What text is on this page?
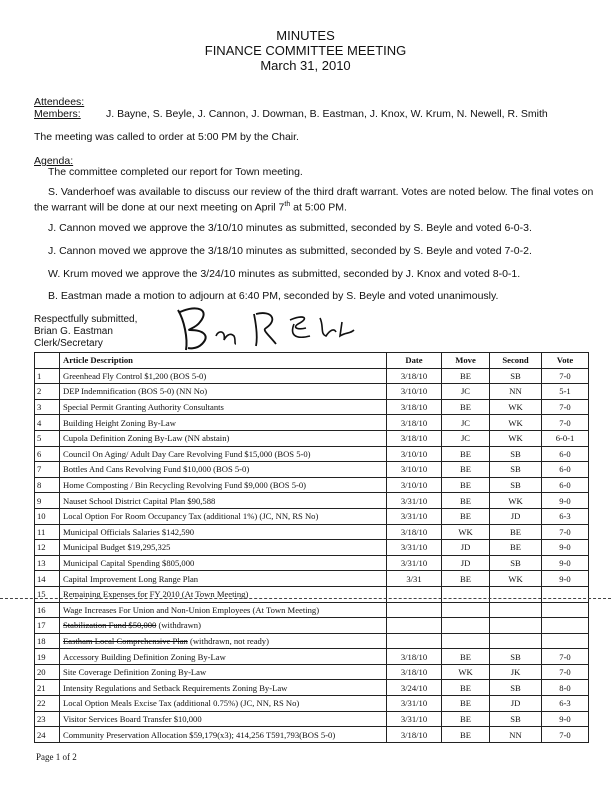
MINUTES
FINANCE COMMITTEE MEETING
March 31, 2010
Attendees:
Members: J. Bayne, S. Beyle, J. Cannon, J. Dowman, B. Eastman, J. Knox, W. Krum, N. Newell, R. Smith
The meeting was called to order at 5:00 PM by the Chair.
Agenda:
The committee completed our report for Town meeting.
S. Vanderhoef was available to discuss our review of the third draft warrant. Votes are noted below. The final votes on
the warrant will be done at our next meeting on April 7th at 5:00 PM.
J. Cannon moved we approve the 3/10/10 minutes as submitted, seconded by S. Beyle and voted 6-0-3.
J. Cannon moved we approve the 3/18/10 minutes as submitted, seconded by S. Beyle and voted 7-0-2.
W. Krum moved we approve the 3/24/10 minutes as submitted, seconded by J. Knox and voted 8-0-1.
B. Eastman made a motion to adjourn at 6:40 PM, seconded by S. Beyle and voted unanimously.
Respectfully submitted,
Brian G. Eastman
Clerk/Secretary
	Article Description	Date	Move	Second	Vote
1	Greenhead Fly Control $1,200 (BOS 5-0)	3/18/10	BE	SB	7-0
2	DEP Indemnification (BOS 5-0) (NN No)	3/10/10	JC	NN	5-1
3	Special Permit Granting Authority Consultants	3/18/10	BE	WK	7-0
4	Building Height Zoning By-Law	3/18/10	JC	WK	7-0
5	Cupola Definition Zoning By-Law (NN abstain)	3/18/10	JC	WK	6-0-1
6	Council On Aging/ Adult Day Care Revolving Fund $15,000 (BOS 5-0)	3/10/10	BE	SB	6-0
7	Bottles And Cans Revolving Fund $10,000 (BOS 5-0)	3/10/10	BE	SB	6-0
8	Home Composting / Bin Recycling Revolving Fund $9,000 (BOS 5-0)	3/10/10	BE	SB	6-0
9	Nauset School District Capital Plan $90,588	3/31/10	BE	WK	9-0
10	Local Option For Room Occupancy Tax (additional 1%) (JC, NN, RS No)	3/31/10	BE	JD	6-3
11	Municipal Officials Salaries $142,590	3/18/10	WK	BE	7-0
12	Municipal Budget $19,295,325	3/31/10	JD	BE	9-0
13	Municipal Capital Spending $805,000	3/31/10	JD	SB	9-0
14	Capital Improvement Long Range Plan	3/31	BE	WK	9-0
15	Remaining Expenses for FY 2010 (At Town Meeting)				
16	Wage Increases For Union and Non-Union Employees (At Town Meeting)				
17	Stabilization Fund $50,000 (withdrawn)				
18	Eastham Local Comprehensive Plan (withdrawn, not ready)				
19	Accessory Building Definition Zoning By-Law	3/18/10	BE	SB	7-0
20	Site Coverage Definition Zoning By-Law	3/18/10	WK	JK	7-0
21	Intensity Regulations and Setback Requirements Zoning By-Law	3/24/10	BE	SB	8-0
22	Local Option Meals Excise Tax (additional 0.75%) (JC, NN, RS No)	3/31/10	BE	JD	6-3
23	Visitor Services Board Transfer $10,000	3/31/10	BE	SB	9-0
24	Community Preservation Allocation $59,179(x3); 414,256 T591,793(BOS 5-0)	3/18/10	BE	NN	7-0
Page 1 of 2
